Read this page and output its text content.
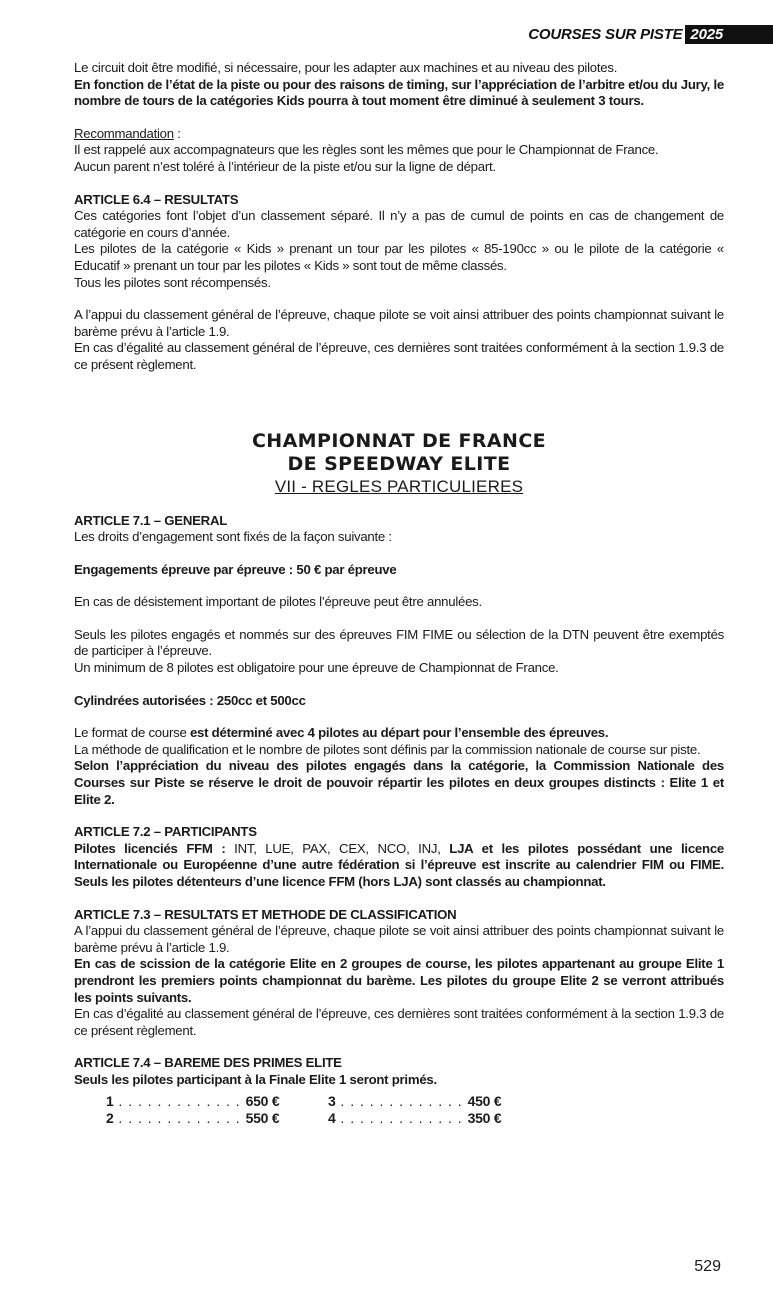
COURSES SUR PISTE 2025

Le circuit doit être modifié, si nécessaire, pour les adapter aux machines et au niveau des pilotes.

En fonction de l’état de la piste ou pour des raisons de timing, sur l’appréciation de l’arbitre et/ou du Jury, le nombre de tours de la catégories Kids pourra à tout moment être diminué à seulement 3 tours.

Recommandation :

Il est rappelé aux accompagnateurs que les règles sont les mêmes que pour le Championnat de France.

Aucun parent n’est toléré à l’intérieur de la piste et/ou sur la ligne de départ.

ARTICLE 6.4 – RESULTATS

Ces catégories font l’objet d’un classement séparé. Il n’y a pas de cumul de points en cas de changement de catégorie en cours d’année.

Les pilotes de la catégorie « Kids » prenant un tour par les pilotes « 85-190cc » ou le pilote de la catégorie « Educatif » prenant un tour par les pilotes « Kids » sont tout de même classés.

Tous les pilotes sont récompensés.

A l’appui du classement général de l’épreuve, chaque pilote se voit ainsi attribuer des points championnat suivant le barème prévu à l’article 1.9.

En cas d’égalité au classement général de l’épreuve, ces dernières sont traitées conformément à la section 1.9.3 de ce présent règlement.

CHAMPIONNAT DE FRANCE
DE SPEEDWAY ELITE
VII - REGLES PARTICULIERES

ARTICLE 7.1 – GENERAL

Les droits d’engagement sont fixés de la façon suivante :

Engagements épreuve par épreuve : 50 € par épreuve

En cas de désistement important de pilotes l’épreuve peut être annulées.

Seuls les pilotes engagés et nommés sur des épreuves FIM FIME ou sélection de la DTN peuvent être exemptés de participer à l’épreuve.

Un minimum de 8 pilotes est obligatoire pour une épreuve de Championnat de France.

Cylindrées autorisées : 250cc et 500cc

Le format de course est déterminé avec 4 pilotes au départ pour l’ensemble des épreuves.

La méthode de qualification et le nombre de pilotes sont définis par la commission nationale de course sur piste.

Selon l’appréciation du niveau des pilotes engagés dans la catégorie, la Commission Nationale des Courses sur Piste se réserve le droit de pouvoir répartir les pilotes en deux groupes distincts : Elite 1 et Elite 2.

ARTICLE 7.2 – PARTICIPANTS

Pilotes licenciés FFM : INT, LUE, PAX, CEX, NCO, INJ, LJA et les pilotes possédant une licence Internationale ou Européenne d’une autre fédération si l’épreuve est inscrite au calendrier FIM ou FIME. Seuls les pilotes détenteurs d’une licence FFM (hors LJA) sont classés au championnat.

ARTICLE 7.3 – RESULTATS ET METHODE DE CLASSIFICATION

A l’appui du classement général de l’épreuve, chaque pilote se voit ainsi attribuer des points championnat suivant le barème prévu à l’article 1.9.

En cas de scission de la catégorie Elite en 2 groupes de course, les pilotes appartenant au groupe Elite 1 prendront les premiers points championnat du barème. Les pilotes du groupe Elite 2 se verront attribués les points suivants.

En cas d’égalité au classement général de l’épreuve, ces dernières sont traitées conformément à la section 1.9.3 de ce présent règlement.

ARTICLE 7.4 – BAREME DES PRIMES ELITE

Seuls les pilotes participant à la Finale Elite 1 seront primés.

1 . . . . . . . . . . . . . 650 €	3 . . . . . . . . . . . . . 450 €
2 . . . . . . . . . . . . . 550 €	4 . . . . . . . . . . . . . 350 €
529
